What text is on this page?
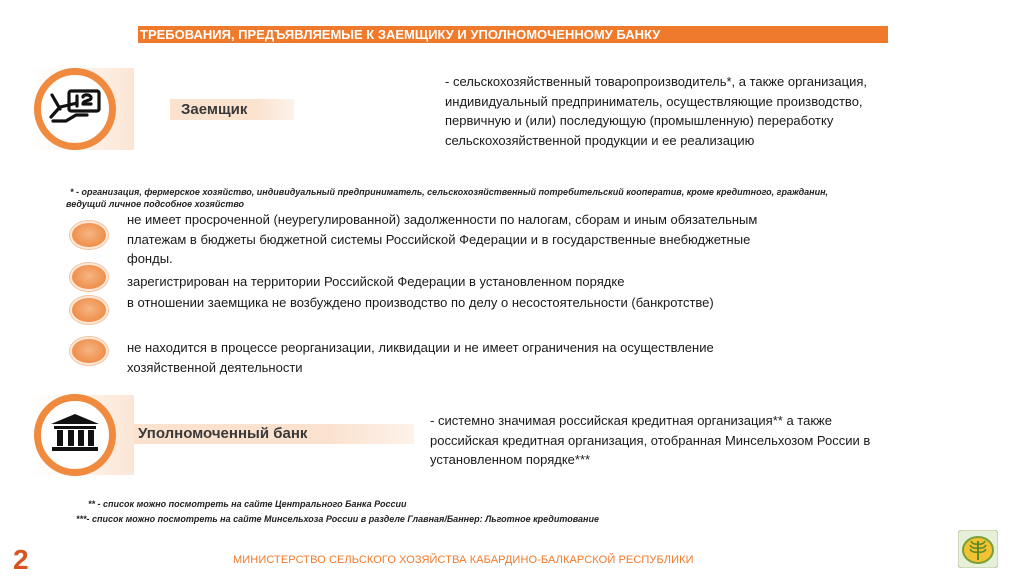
ТРЕБОВАНИЯ, ПРЕДЪЯВЛЯЕМЫЕ К ЗАЕМЩИКУ И УПОЛНОМОЧЕННОМУ БАНКУ
Заемщик
- сельскохозяйственный товаропроизводитель*, а также организация,
индивидуальный предприниматель, осуществляющие производство,
первичную и (или) последующую (промышленную) переработку
сельскохозяйственной продукции и ее реализацию
* - организация, фермерское хозяйство, индивидуальный предприниматель, сельскохозяйственный потребительский кооператив, кроме кредитного, гражданин,
ведущий личное подсобное хозяйство
не имеет просроченной (неурегулированной) задолженности по налогам, сборам и иным обязательным
платежам в бюджеты бюджетной системы Российской Федерации и в государственные внебюджетные
фонды.
зарегистрирован на территории Российской Федерации в установленном порядке
в отношении заемщика не возбуждено производство по делу о несостоятельности (банкротстве)
не находится в процессе реорганизации, ликвидации и не имеет ограничения на осуществление
хозяйственной деятельности
Уполномоченный банк
- системно значимая российская кредитная организация** а также
российская кредитная организация, отобранная Минсельхозом России в
установленном порядке***
** - список можно посмотреть на сайте Центрального Банка России
***- список можно посмотреть на сайте Минсельхоза России в разделе Главная/Баннер: Льготное кредитование
2	МИНИСТЕРСТВО СЕЛЬСКОГО ХОЗЯЙСТВА КАБАРДИНО-БАЛКАРСКОЙ РЕСПУБЛИКИ
